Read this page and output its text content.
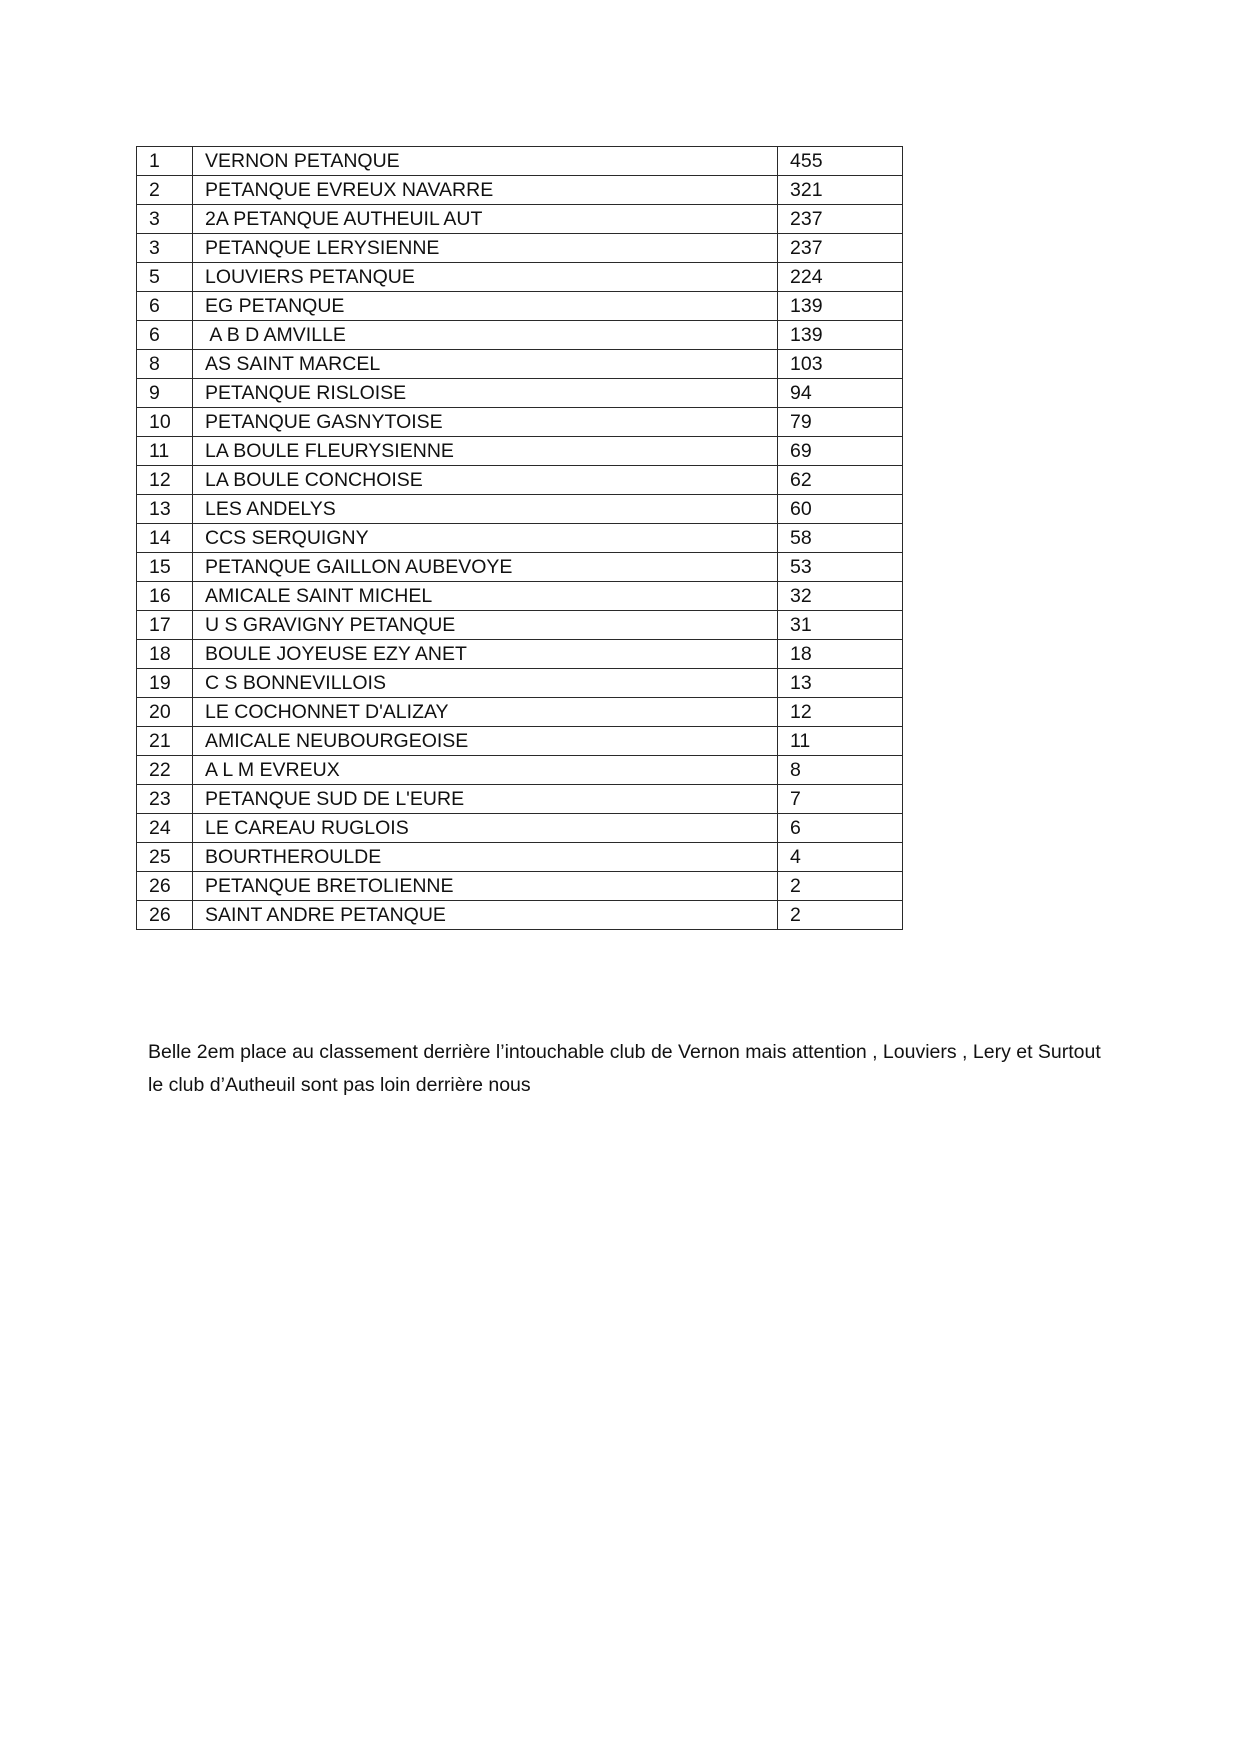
1	VERNON PETANQUE	455
2	PETANQUE EVREUX NAVARRE	321
3	2A PETANQUE AUTHEUIL AUT	237
3	PETANQUE LERYSIENNE	237
5	LOUVIERS PETANQUE	224
6	EG PETANQUE	139
6	A B D AMVILLE	139
8	AS SAINT MARCEL	103
9	PETANQUE RISLOISE	94
10	PETANQUE GASNYTOISE	79
11	LA BOULE FLEURYSIENNE	69
12	LA BOULE CONCHOISE	62
13	LES ANDELYS	60
14	CCS SERQUIGNY	58
15	PETANQUE GAILLON AUBEVOYE	53
16	AMICALE SAINT MICHEL	32
17	U S GRAVIGNY PETANQUE	31
18	BOULE JOYEUSE EZY ANET	18
19	C S BONNEVILLOIS	13
20	LE COCHONNET D'ALIZAY	12
21	AMICALE NEUBOURGEOISE	11
22	A L M EVREUX	8
23	PETANQUE SUD DE L'EURE	7
24	LE CAREAU RUGLOIS	6
25	BOURTHEROULDE	4
26	PETANQUE BRETOLIENNE	2
26	SAINT ANDRE PETANQUE	2

Belle 2em place au classement derrière l’intouchable club de Vernon mais attention , Louviers , Lery et Surtout le club d’Autheuil sont pas loin derrière nous
